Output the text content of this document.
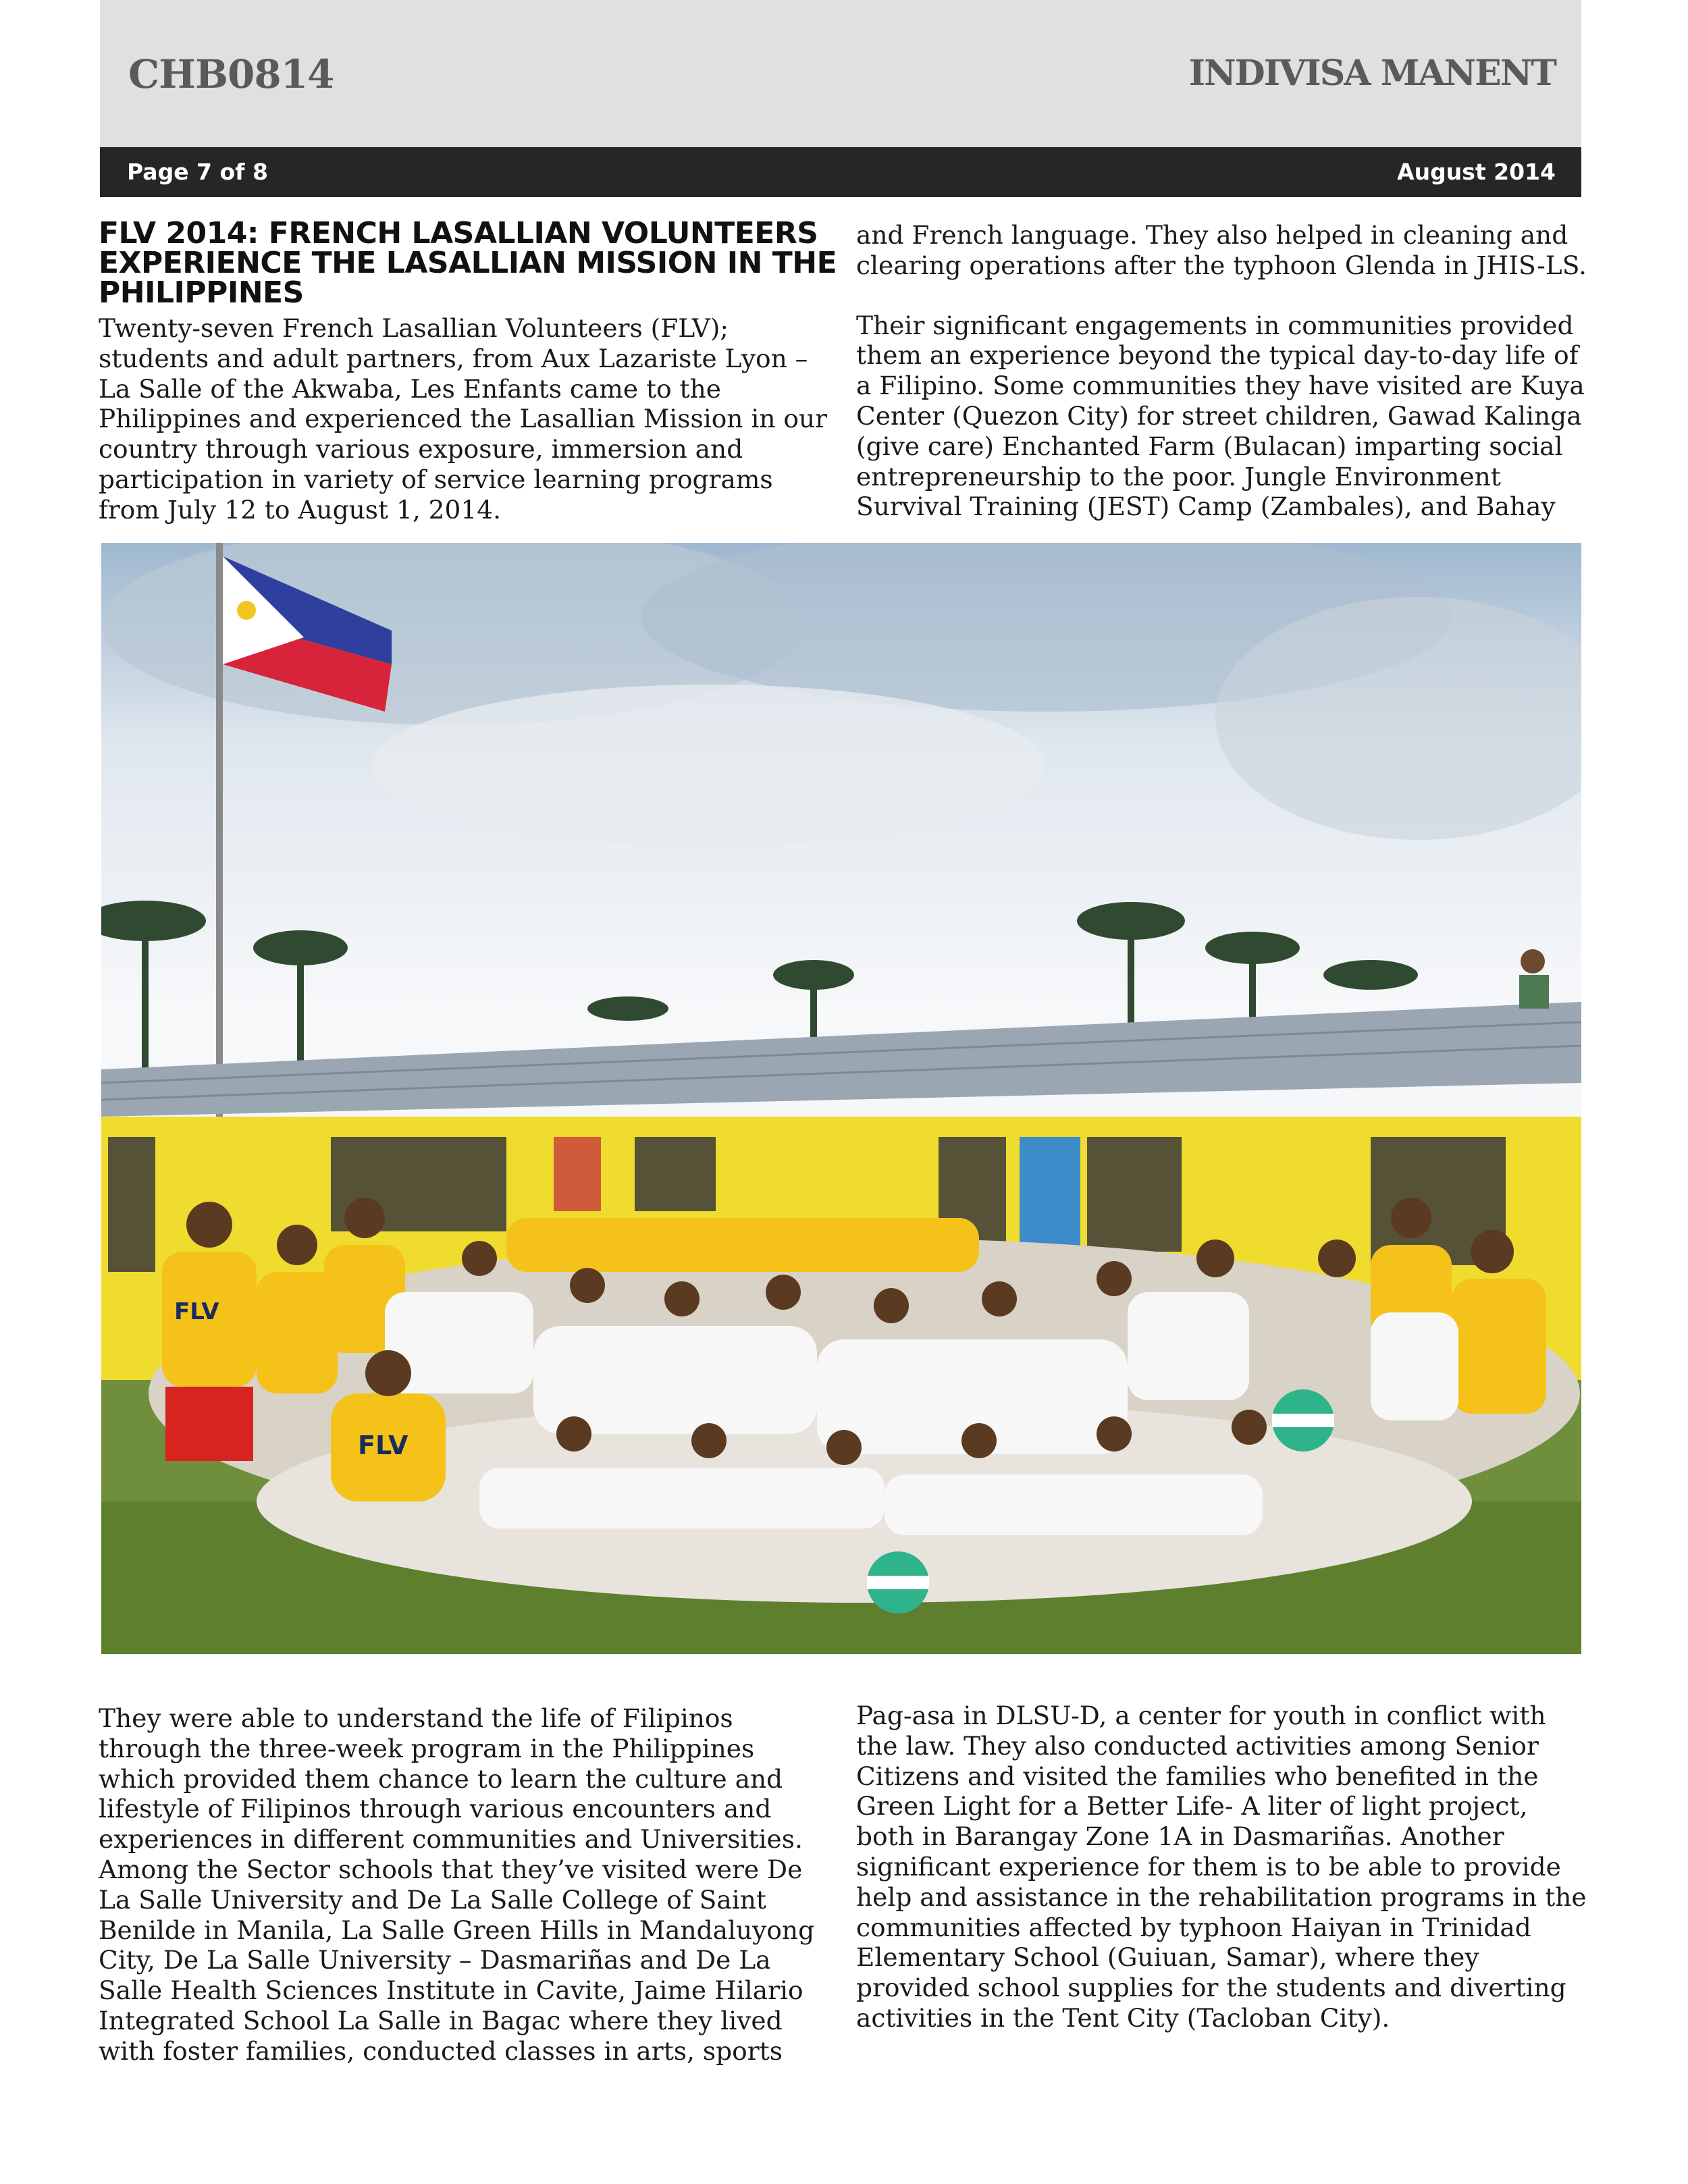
CHB0814	INDIVISA MANENT
Page 7 of 8	August 2014
FLV 2014: FRENCH LASALLIAN VOLUNTEERS EXPERIENCE THE LASALLIAN MISSION IN THE PHILIPPINES

Twenty-seven French Lasallian Volunteers (FLV); students and adult partners, from Aux Lazariste Lyon – La Salle of the Akwaba, Les Enfants came to the Philippines and experienced the Lasallian Mission in our country through various exposure, immersion and participation in variety of service learning programs from July 12 to August 1, 2014.

and French language. They also helped in cleaning and clearing operations after the typhoon Glenda in JHIS-LS.

Their significant engagements in communities provided them an experience beyond the typical day-to-day life of a Filipino. Some communities they have visited are Kuya Center (Quezon City) for street children, Gawad Kalinga (give care) Enchanted Farm (Bulacan) imparting social entrepreneurship to the poor. Jungle Environment Survival Training (JEST) Camp (Zambales), and Bahay

FLV
FLV

They were able to understand the life of Filipinos through the three-week program in the Philippines which provided them chance to learn the culture and lifestyle of Filipinos through various encounters and experiences in different communities and Universities. Among the Sector schools that they’ve visited were De La Salle University and De La Salle College of Saint Benilde in Manila, La Salle Green Hills in Mandaluyong City, De La Salle University – Dasmariñas and De La Salle Health Sciences Institute in Cavite, Jaime Hilario Integrated School La Salle in Bagac where they lived with foster families, conducted classes in arts, sports

Pag-asa in DLSU-D, a center for youth in conflict with the law. They also conducted activities among Senior Citizens and visited the families who benefited in the Green Light for a Better Life- A liter of light project, both in Barangay Zone 1A in Dasmariñas. Another significant experience for them is to be able to provide help and assistance in the rehabilitation programs in the communities affected by typhoon Haiyan in Trinidad Elementary School (Guiuan, Samar), where they provided school supplies for the students and diverting activities in the Tent City (Tacloban City).
